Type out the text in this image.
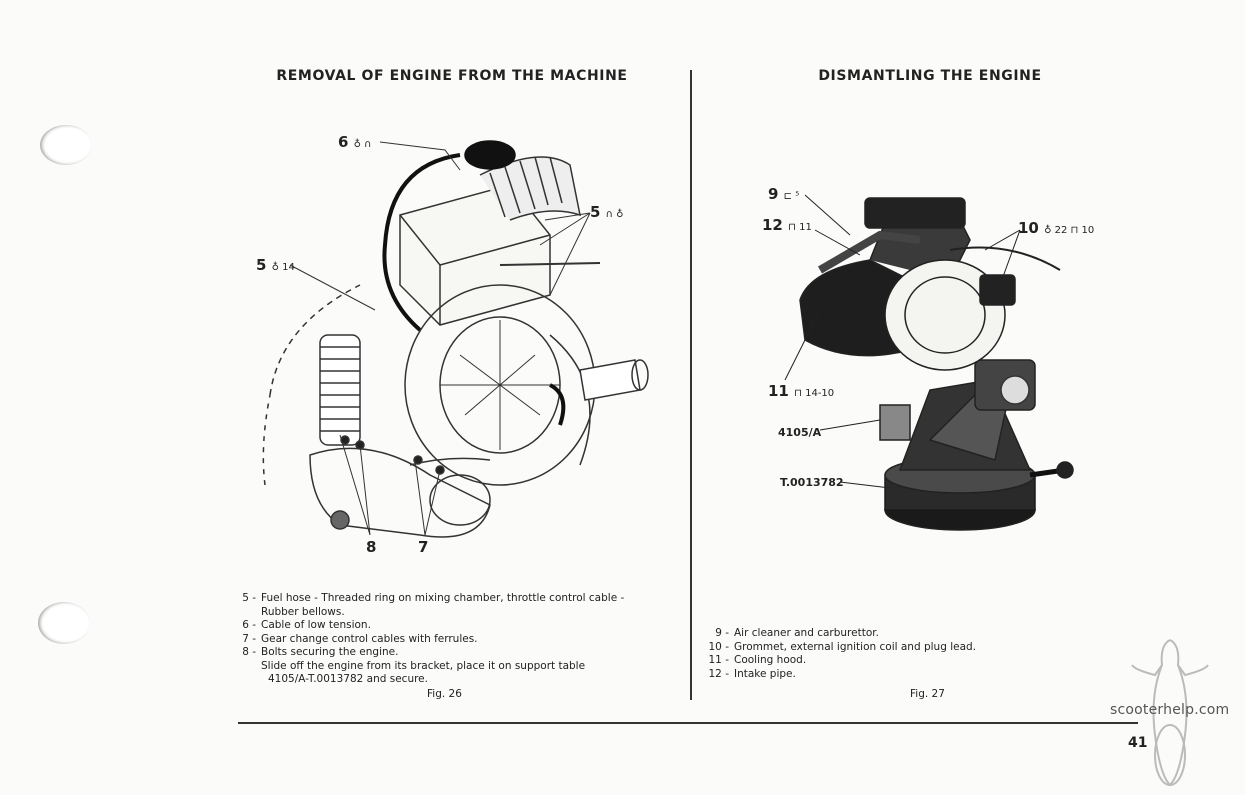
REMOVAL OF ENGINE FROM THE MACHINE	DISMANTLING THE ENGINE
6 ♁ ∩
5 ∩ ♁
5 ♁ 14
8	7
5 - Fuel hose - Threaded ring on mixing chamber, throttle control cable -
Rubber bellows.
6 - Cable of low tension.
7 - Gear change control cables with ferrules.
8 - Bolts securing the engine.
Slide off the engine from its bracket, place it on support table
4105/A-T.0013782 and secure.
Fig. 26
9 ⊏ ⁵
12 ⊓ 11	10 ♁ 22 ⊓ 10
11 ⊓ 14-10
4105/A
T.0013782
9 - Air cleaner and carburettor.
10 - Grommet, external ignition coil and plug lead.
11 - Cooling hood.
12 - Intake pipe.
Fig. 27
scooterhelp.com
41
